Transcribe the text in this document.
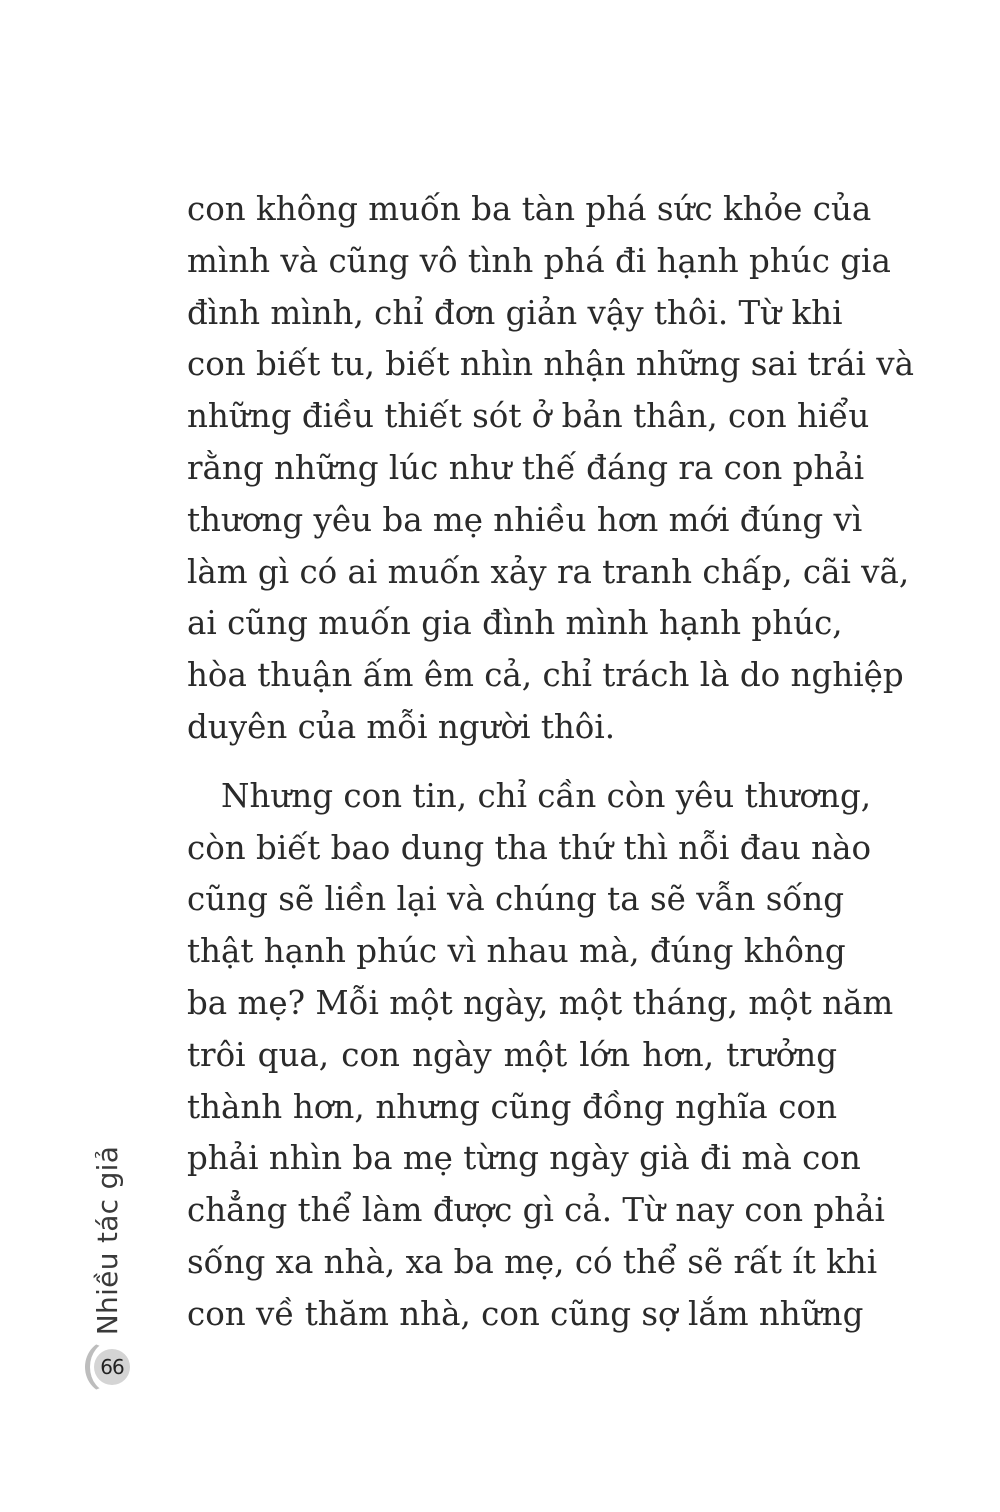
con không muốn ba tàn phá sức khỏe của
mình và cũng vô tình phá đi hạnh phúc gia
đình mình, chỉ đơn giản vậy thôi. Từ khi
con biết tu, biết nhìn nhận những sai trái và
những điều thiết sót ở bản thân, con hiểu
rằng những lúc như thế đáng ra con phải
thương yêu ba mẹ nhiều hơn mới đúng vì
làm gì có ai muốn xảy ra tranh chấp, cãi vã,
ai cũng muốn gia đình mình hạnh phúc,
hòa thuận ấm êm cả, chỉ trách là do nghiệp
duyên của mỗi người thôi.

Nhưng con tin, chỉ cần còn yêu thương,
còn biết bao dung tha thứ thì nỗi đau nào
cũng sẽ liền lại và chúng ta sẽ vẫn sống
thật hạnh phúc vì nhau mà, đúng không
ba mẹ? Mỗi một ngày, một tháng, một năm
trôi qua, con ngày một lớn hơn, trưởng
thành hơn, nhưng cũng đồng nghĩa con
phải nhìn ba mẹ từng ngày già đi mà con
chẳng thể làm được gì cả. Từ nay con phải
sống xa nhà, xa ba mẹ, có thể sẽ rất ít khi
con về thăm nhà, con cũng sợ lắm những

Nhiều tác giả
66
